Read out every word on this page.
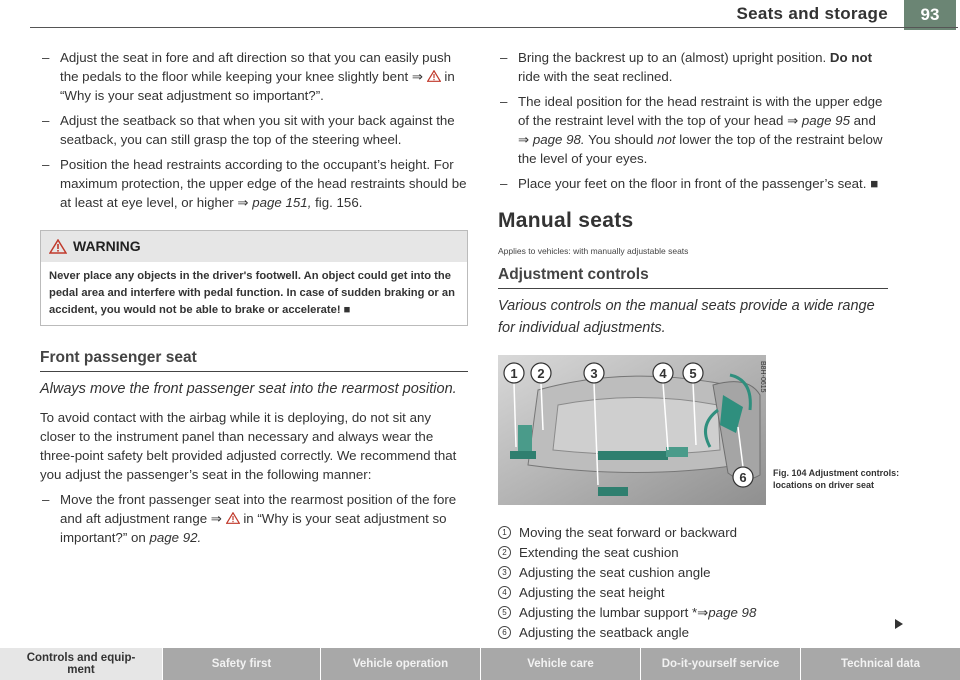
Seats and storage	93
– Adjust the seat in fore and aft direction so that you can easily push the pedals to the floor while keeping your knee slightly bent ⇒  in “Why is your seat adjustment so important?”.
– Adjust the seatback so that when you sit with your back against the seatback, you can still grasp the top of the steering wheel.
– Position the head restraints according to the occupant’s height. For maximum protection, the upper edge of the head restraints should be at least at eye level, or higher ⇒ page 151, fig. 156.
WARNING
Never place any objects in the driver's footwell. An object could get into the pedal area and interfere with pedal function. In case of sudden braking or an accident, you would not be able to brake or accelerate! ■
Front passenger seat
Always move the front passenger seat into the rearmost position.
To avoid contact with the airbag while it is deploying, do not sit any closer to the instrument panel than necessary and always wear the three-point safety belt provided adjusted correctly. We recommend that you adjust the passenger’s seat in the following manner:
– Move the front passenger seat into the rearmost position of the fore and aft adjustment range ⇒  in “Why is your seat adjustment so important?” on page 92.
– Bring the backrest up to an (almost) upright position. Do not ride with the seat reclined.
– The ideal position for the head restraint is with the upper edge of the restraint level with the top of your head ⇒ page 95 and ⇒ page 98. You should not lower the top of the restraint below the level of your eyes.
– Place your feet on the floor in front of the passenger’s seat. ■
Manual seats
Applies to vehicles: with manually adjustable seats
Adjustment controls
Various controls on the manual seats provide a wide range for individual adjustments.
1 2	3	4 5
6
B8H-0615
Fig. 104 Adjustment controls: locations on driver seat
1 Moving the seat forward or backward
2 Extending the seat cushion
3 Adjusting the seat cushion angle
4 Adjusting the seat height
5 Adjusting the lumbar support *⇒ page 98
6 Adjusting the seatback angle
Controls and equip-
ment	Safety first	Vehicle operation	Vehicle care	Do-it-yourself service	Technical data
